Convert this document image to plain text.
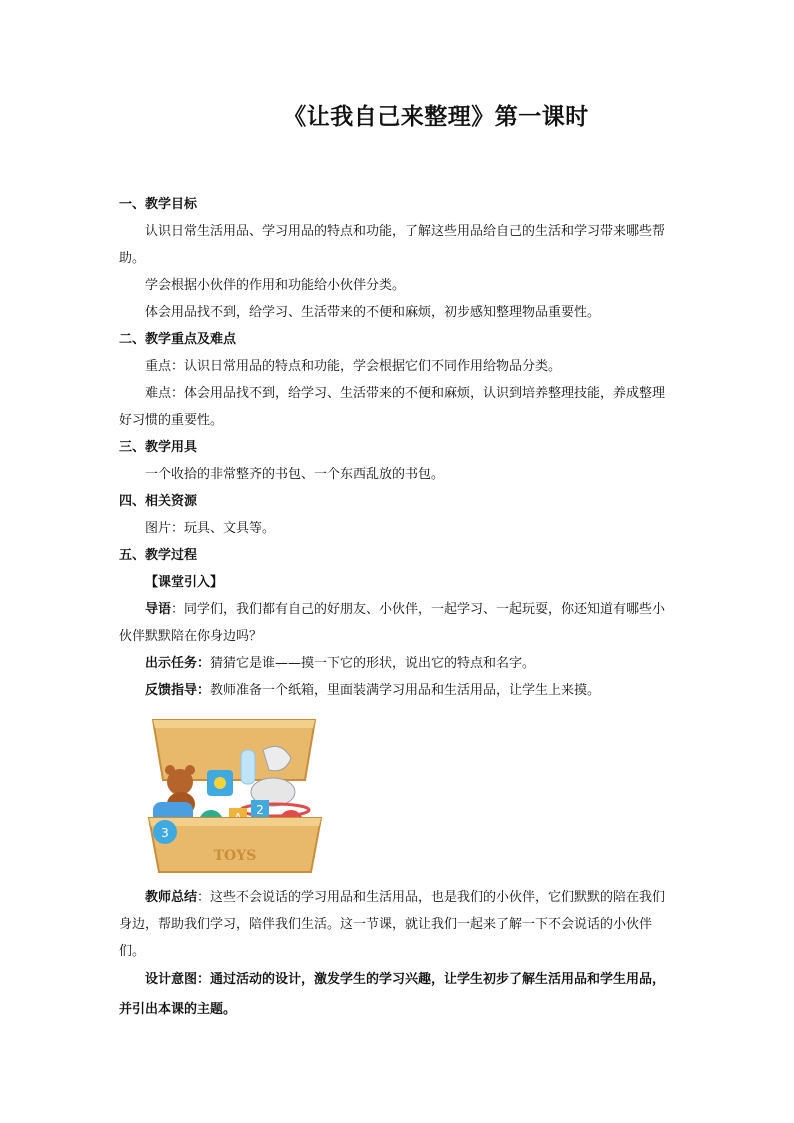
《让我自己来整理》第一课时

一、教学目标

认识日常生活用品、学习用品的特点和功能，了解这些用品给自己的生活和学习带来哪些帮助。

学会根据小伙伴的作用和功能给小伙伴分类。

体会用品找不到，给学习、生活带来的不便和麻烦，初步感知整理物品重要性。

二、教学重点及难点

重点：认识日常用品的特点和功能，学会根据它们不同作用给物品分类。

难点：体会用品找不到，给学习、生活带来的不便和麻烦，认识到培养整理技能，养成整理好习惯的重要性。

三、教学用具

一个收拾的非常整齐的书包、一个东西乱放的书包。

四、相关资源

图片：玩具、文具等。

五、教学过程

【课堂引入】

导语：同学们，我们都有自己的好朋友、小伙伴，一起学习、一起玩耍，你还知道有哪些小伙伴默默陪在你身边吗？

出示任务：猜猜它是谁——摸一下它的形状，说出它的特点和名字。

反馈指导：教师准备一个纸箱，里面装满学习用品和生活用品，让学生上来摸。

2
3
TOYS

教师总结：这些不会说话的学习用品和生活用品，也是我们的小伙伴，它们默默的陪在我们身边，帮助我们学习，陪伴我们生活。这一节课，就让我们一起来了解一下不会说话的小伙伴们。

设计意图：通过活动的设计，激发学生的学习兴趣，让学生初步了解生活用品和学生用品，并引出本课的主题。
